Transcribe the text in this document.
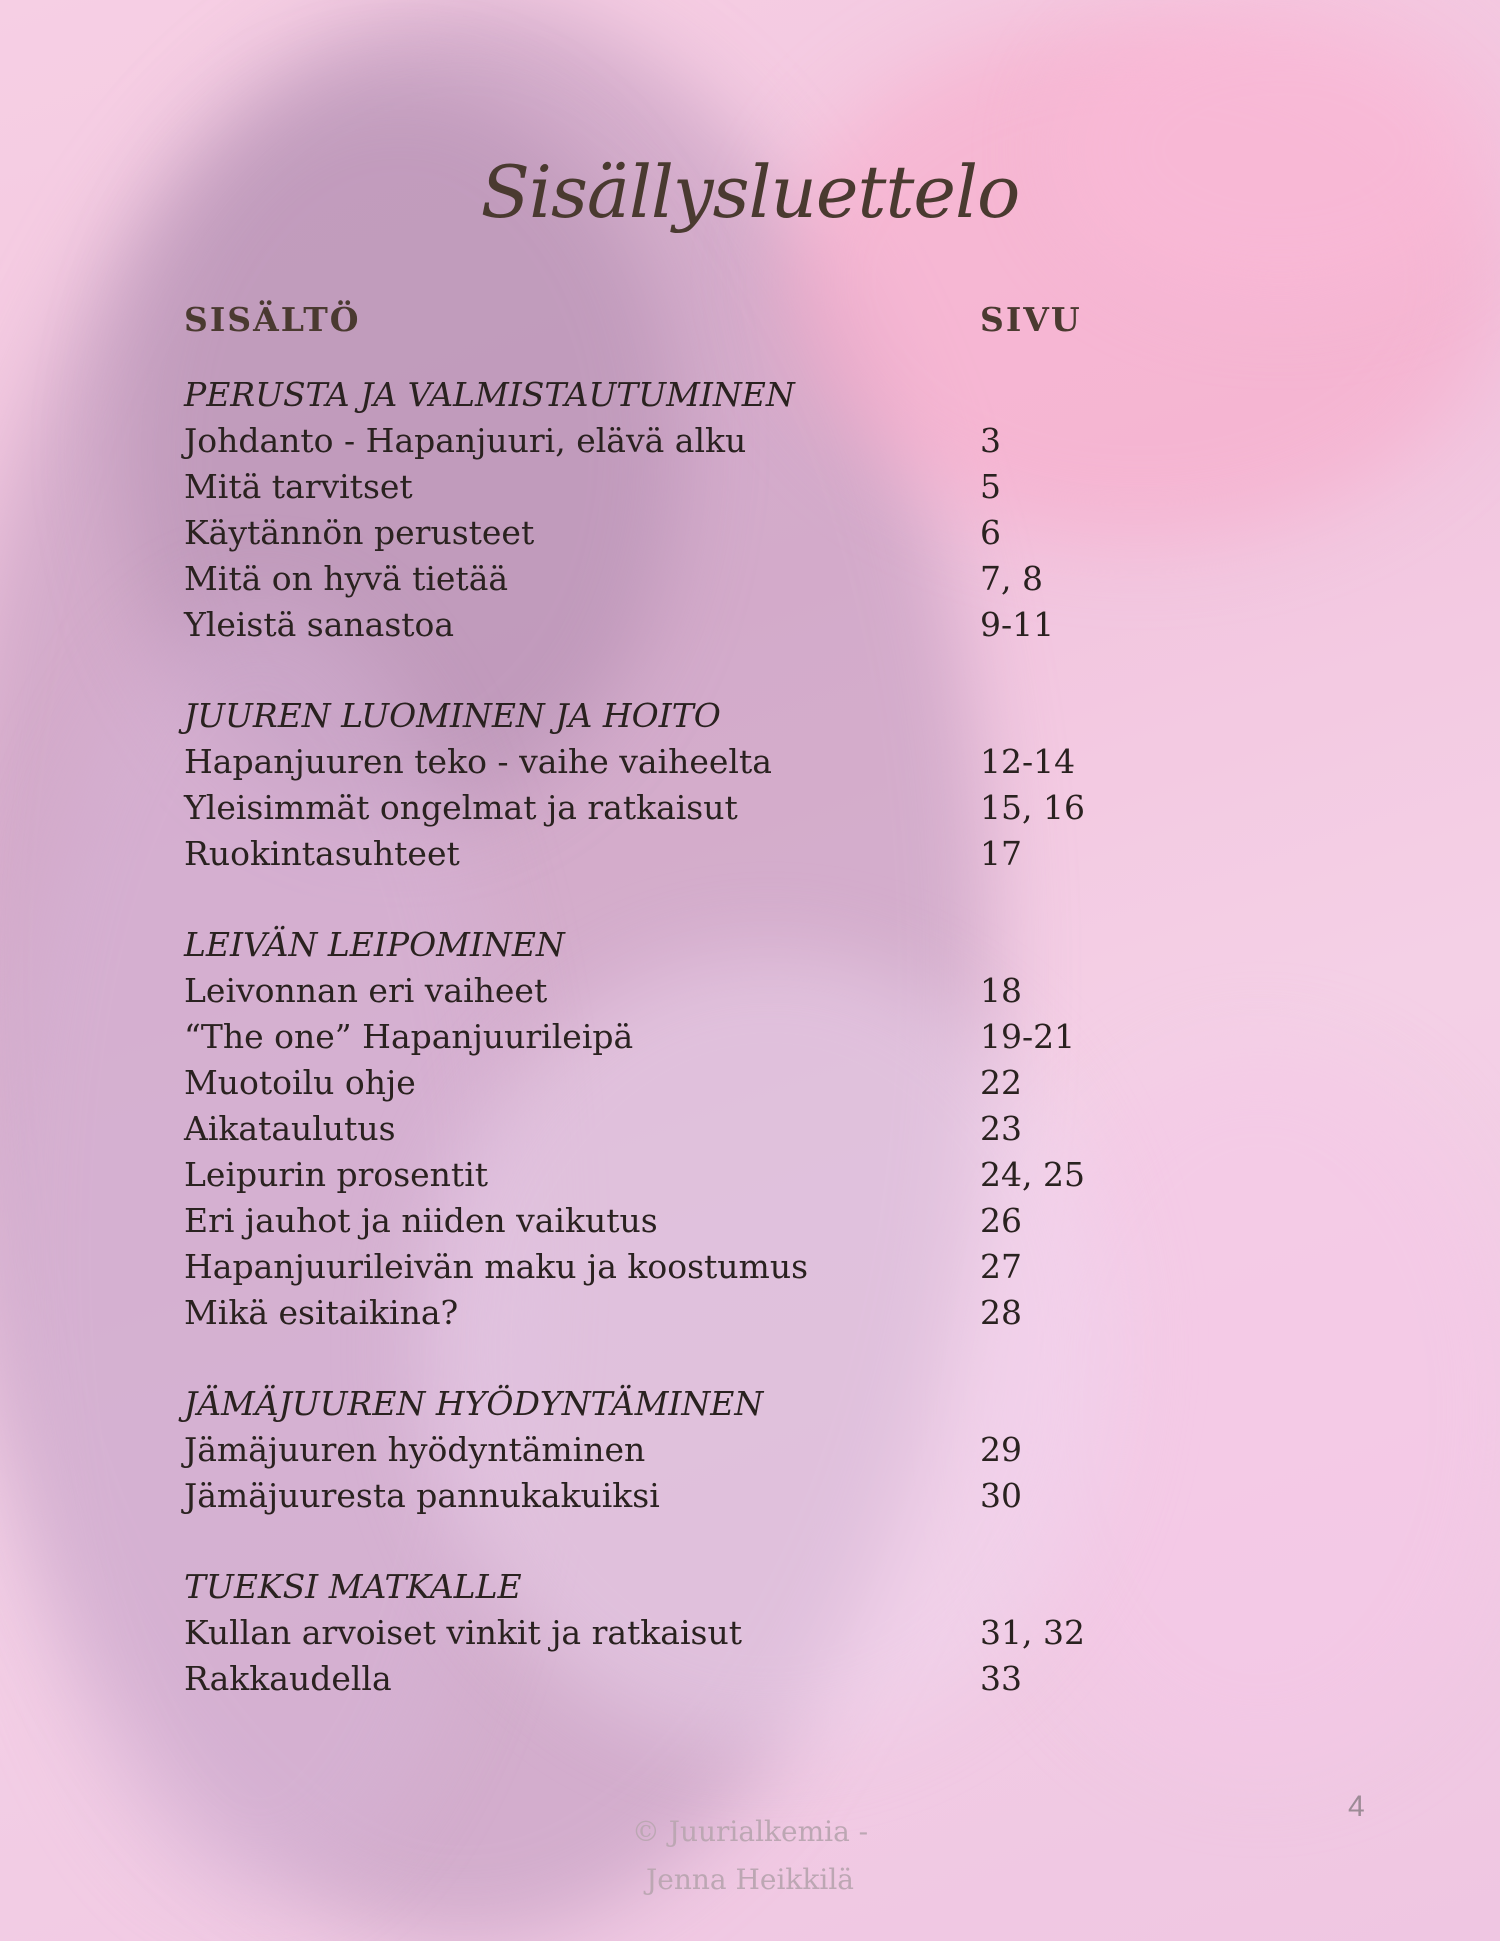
Sisällysluettelo
SISÄLTÖ	SIVU
PERUSTA JA VALMISTAUTUMINEN
Johdanto - Hapanjuuri, elävä alku	3
Mitä tarvitset	5
Käytännön perusteet	6
Mitä on hyvä tietää	7, 8
Yleistä sanastoa	9-11
JUUREN LUOMINEN JA HOITO
Hapanjuuren teko - vaihe vaiheelta	12-14
Yleisimmät ongelmat ja ratkaisut	15, 16
Ruokintasuhteet	17
LEIVÄN LEIPOMINEN
Leivonnan eri vaiheet	18
“The one” Hapanjuurileipä	19-21
Muotoilu ohje	22
Aikataulutus	23
Leipurin prosentit	24, 25
Eri jauhot ja niiden vaikutus	26
Hapanjuurileivän maku ja koostumus	27
Mikä esitaikina?	28
JÄMÄJUUREN HYÖDYNTÄMINEN
Jämäjuuren hyödyntäminen	29
Jämäjuuresta pannukakuiksi	30
TUEKSI MATKALLE
Kullan arvoiset vinkit ja ratkaisut	31, 32
Rakkaudella	33
© Juurialkemia -
Jenna Heikkilä
4
